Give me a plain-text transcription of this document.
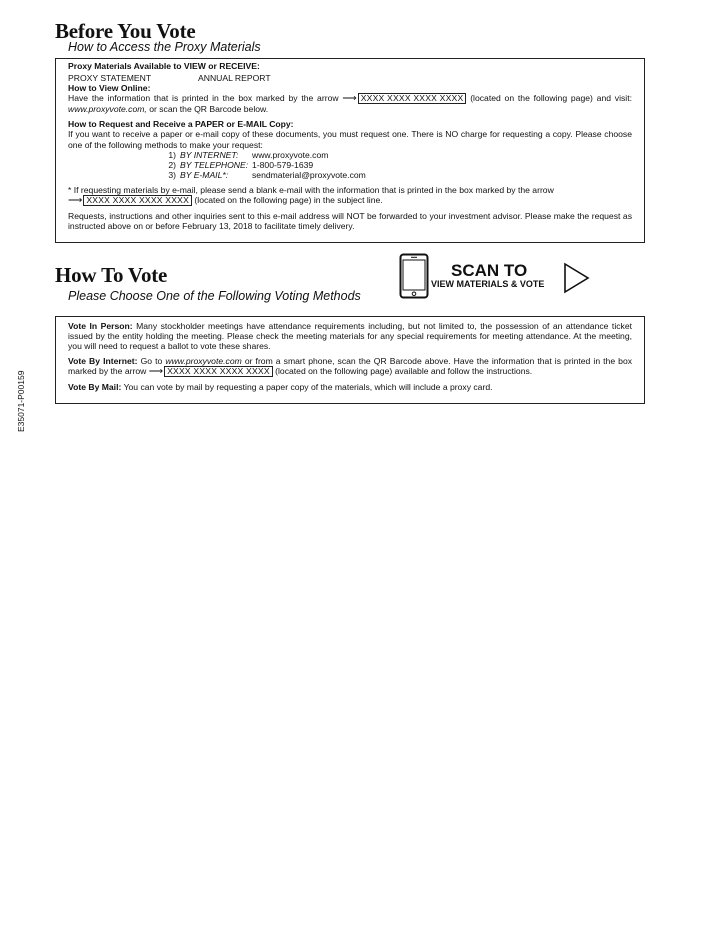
Before You Vote
How to Access the Proxy Materials

Proxy Materials Available to VIEW or RECEIVE:

PROXY STATEMENT	ANNUAL REPORT

How to View Online:

Have the information that is printed in the box marked by the arrow ⟶ XXXX XXXX XXXX XXXX (located on the following page) and visit: www.proxyvote.com, or scan the QR Barcode below.

How to Request and Receive a PAPER or E-MAIL Copy:

If you want to receive a paper or e-mail copy of these documents, you must request one. There is NO charge for requesting a copy. Please choose one of the following methods to make your request:

1) BY INTERNET:	www.proxyvote.com
2) BY TELEPHONE: 1-800-579-1639
3) BY E-MAIL*:	sendmaterial@proxyvote.com

* If requesting materials by e-mail, please send a blank e-mail with the information that is printed in the box marked by the arrow

⟶ XXXX XXXX XXXX XXXX (located on the following page) in the subject line.

Requests, instructions and other inquiries sent to this e-mail address will NOT be forwarded to your investment advisor. Please make the request as instructed above on or before February 13, 2018 to facilitate timely delivery.

How To Vote
Please Choose One of the Following Voting Methods
SCAN TO
VIEW MATERIALS & VOTE

Vote In Person: Many stockholder meetings have attendance requirements including, but not limited to, the possession of an attendance ticket issued by the entity holding the meeting. Please check the meeting materials for any special requirements for meeting attendance. At the meeting, you will need to request a ballot to vote these shares.

Vote By Internet: Go to www.proxyvote.com or from a smart phone, scan the QR Barcode above. Have the information that is printed in the box marked by the arrow ⟶ XXXX XXXX XXXX XXXX (located on the following page) available and follow the instructions.

Vote By Mail: You can vote by mail by requesting a paper copy of the materials, which will include a proxy card.

E35071-P00159
